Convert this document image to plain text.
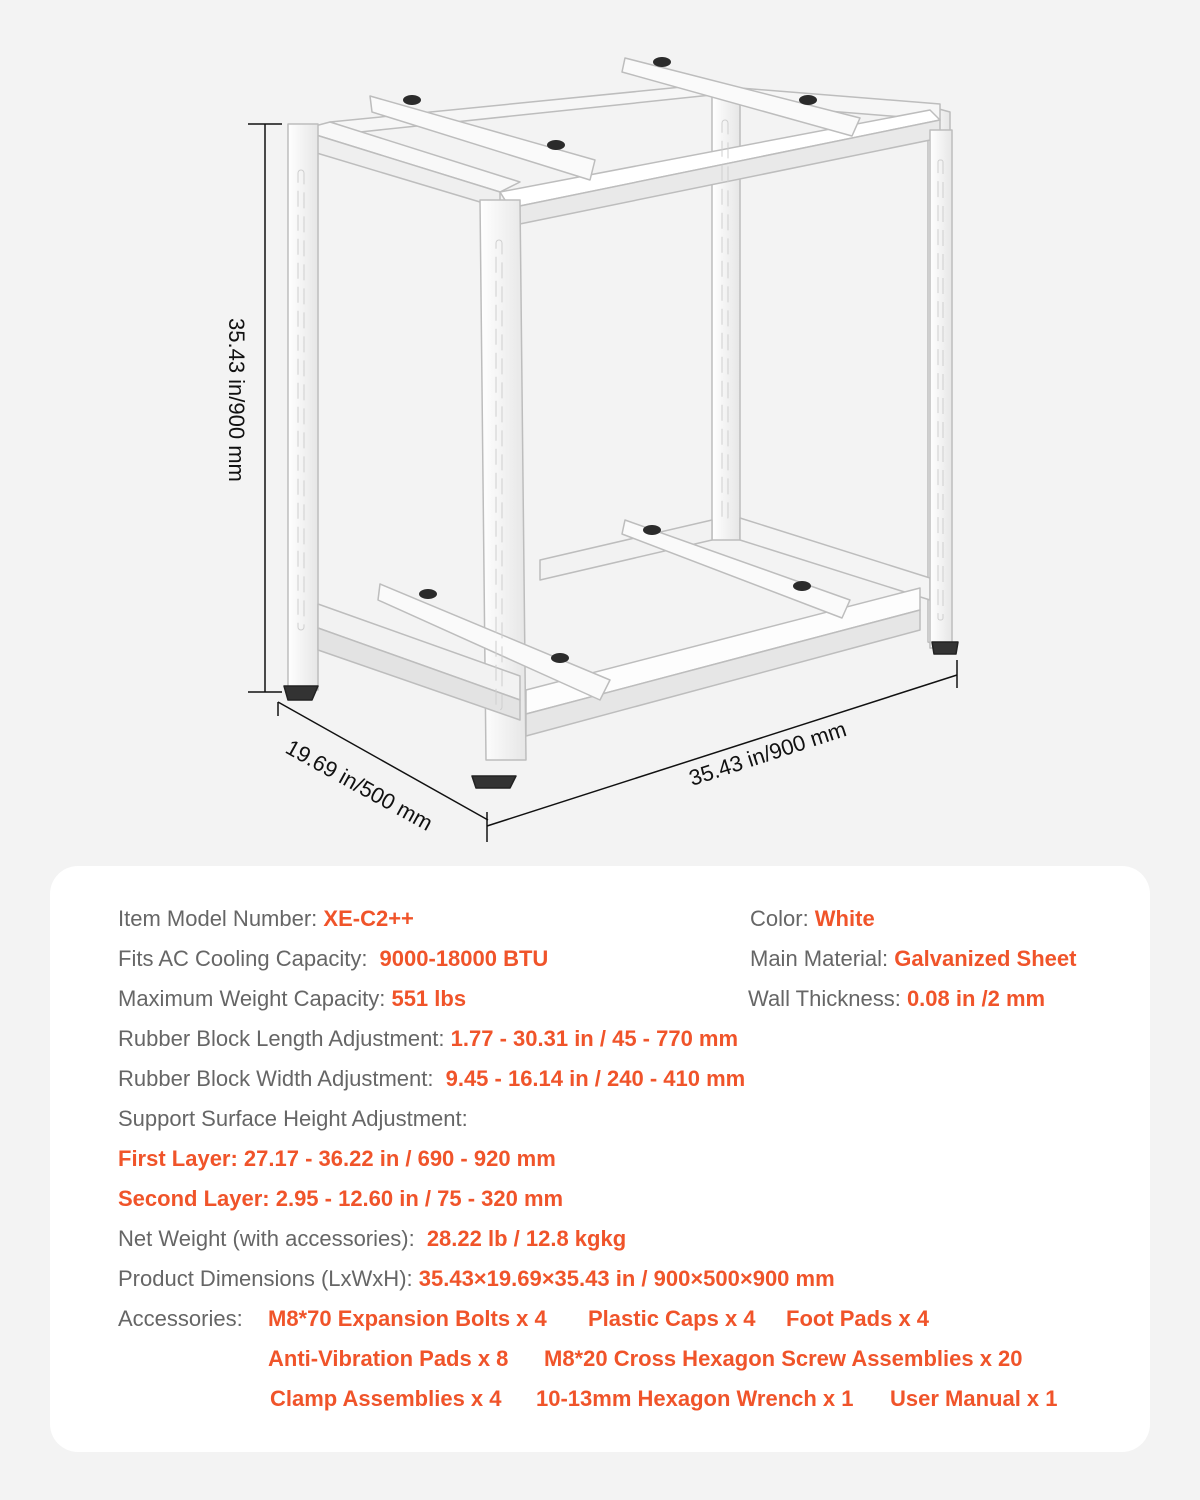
35.43 in/900 mm
19.69 in/500 mm	35.43 in/900 mm
Item Model Number: XE-C2++	Color: White
Fits AC Cooling Capacity: 9000-18000 BTU	Main Material: Galvanized Sheet
Maximum Weight Capacity: 551 lbs	Wall Thickness: 0.08 in /2 mm
Rubber Block Length Adjustment: 1.77 - 30.31 in / 45 - 770 mm
Rubber Block Width Adjustment: 9.45 - 16.14 in / 240 - 410 mm
Support Surface Height Adjustment:
First Layer: 27.17 - 36.22 in / 690 - 920 mm
Second Layer: 2.95 - 12.60 in / 75 - 320 mm
Net Weight (with accessories): 28.22 lb / 12.8 kgkg
Product Dimensions (LxWxH): 35.43×19.69×35.43 in / 900×500×900 mm
Accessories: M8*70 Expansion Bolts x 4 Plastic Caps x 4 Foot Pads x 4
Anti-Vibration Pads x 8 M8*20 Cross Hexagon Screw Assemblies x 20
Clamp Assemblies x 4 10-13mm Hexagon Wrench x 1 User Manual x 1
